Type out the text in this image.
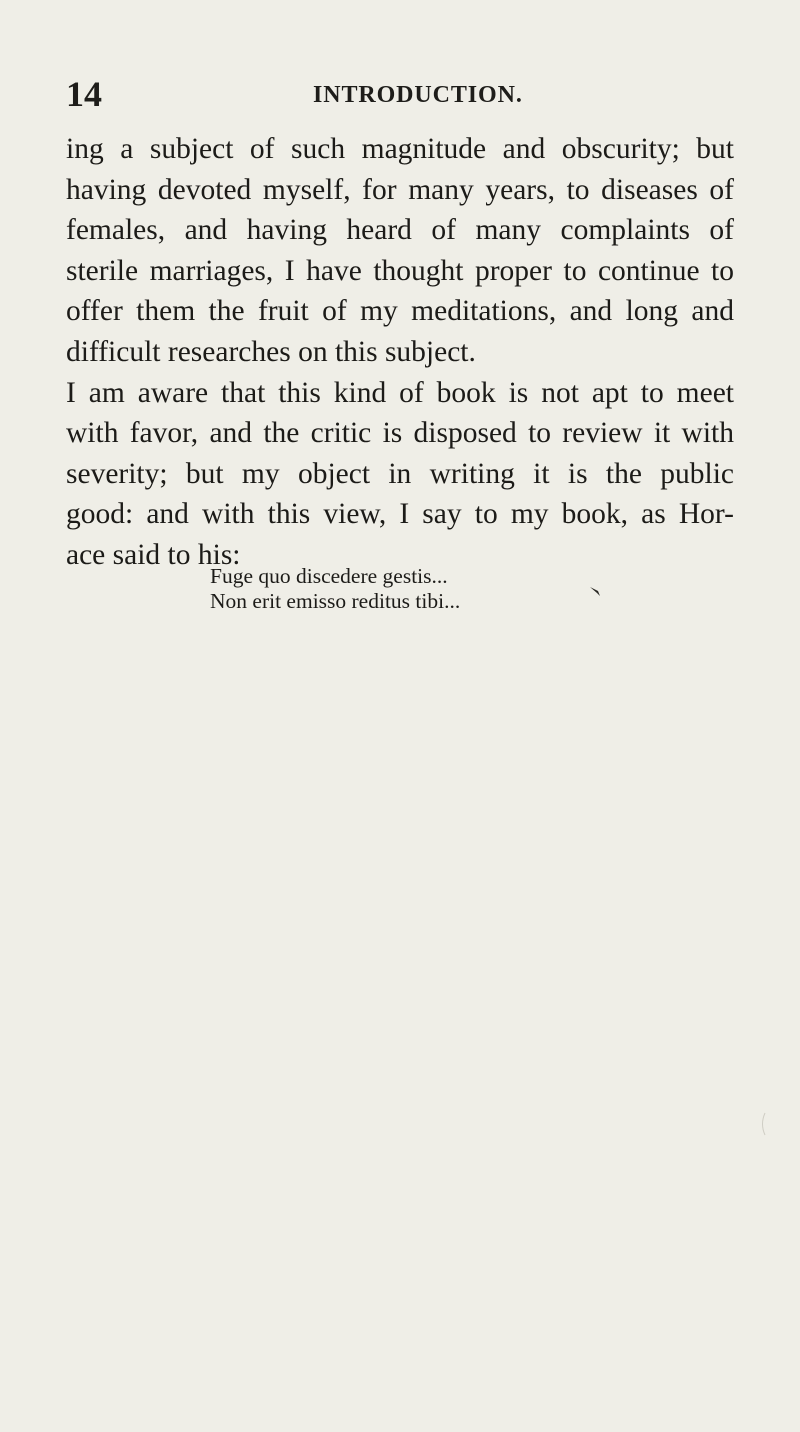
14	INTRODUCTION.
ing a subject of such magnitude and obscurity; but
having devoted myself, for many years, to diseases of
females, and having heard of many complaints of
sterile marriages, I have thought proper to continue to
offer them the fruit of my meditations, and long and
difficult researches on this subject.
I am aware that this kind of book is not apt to meet
with favor, and the critic is disposed to review it with
severity; but my object in writing it is the public
good: and with this view, I say to my book, as Hor-
ace said to his:
Fuge quo discedere gestis...
Non erit emisso reditus tibi...
